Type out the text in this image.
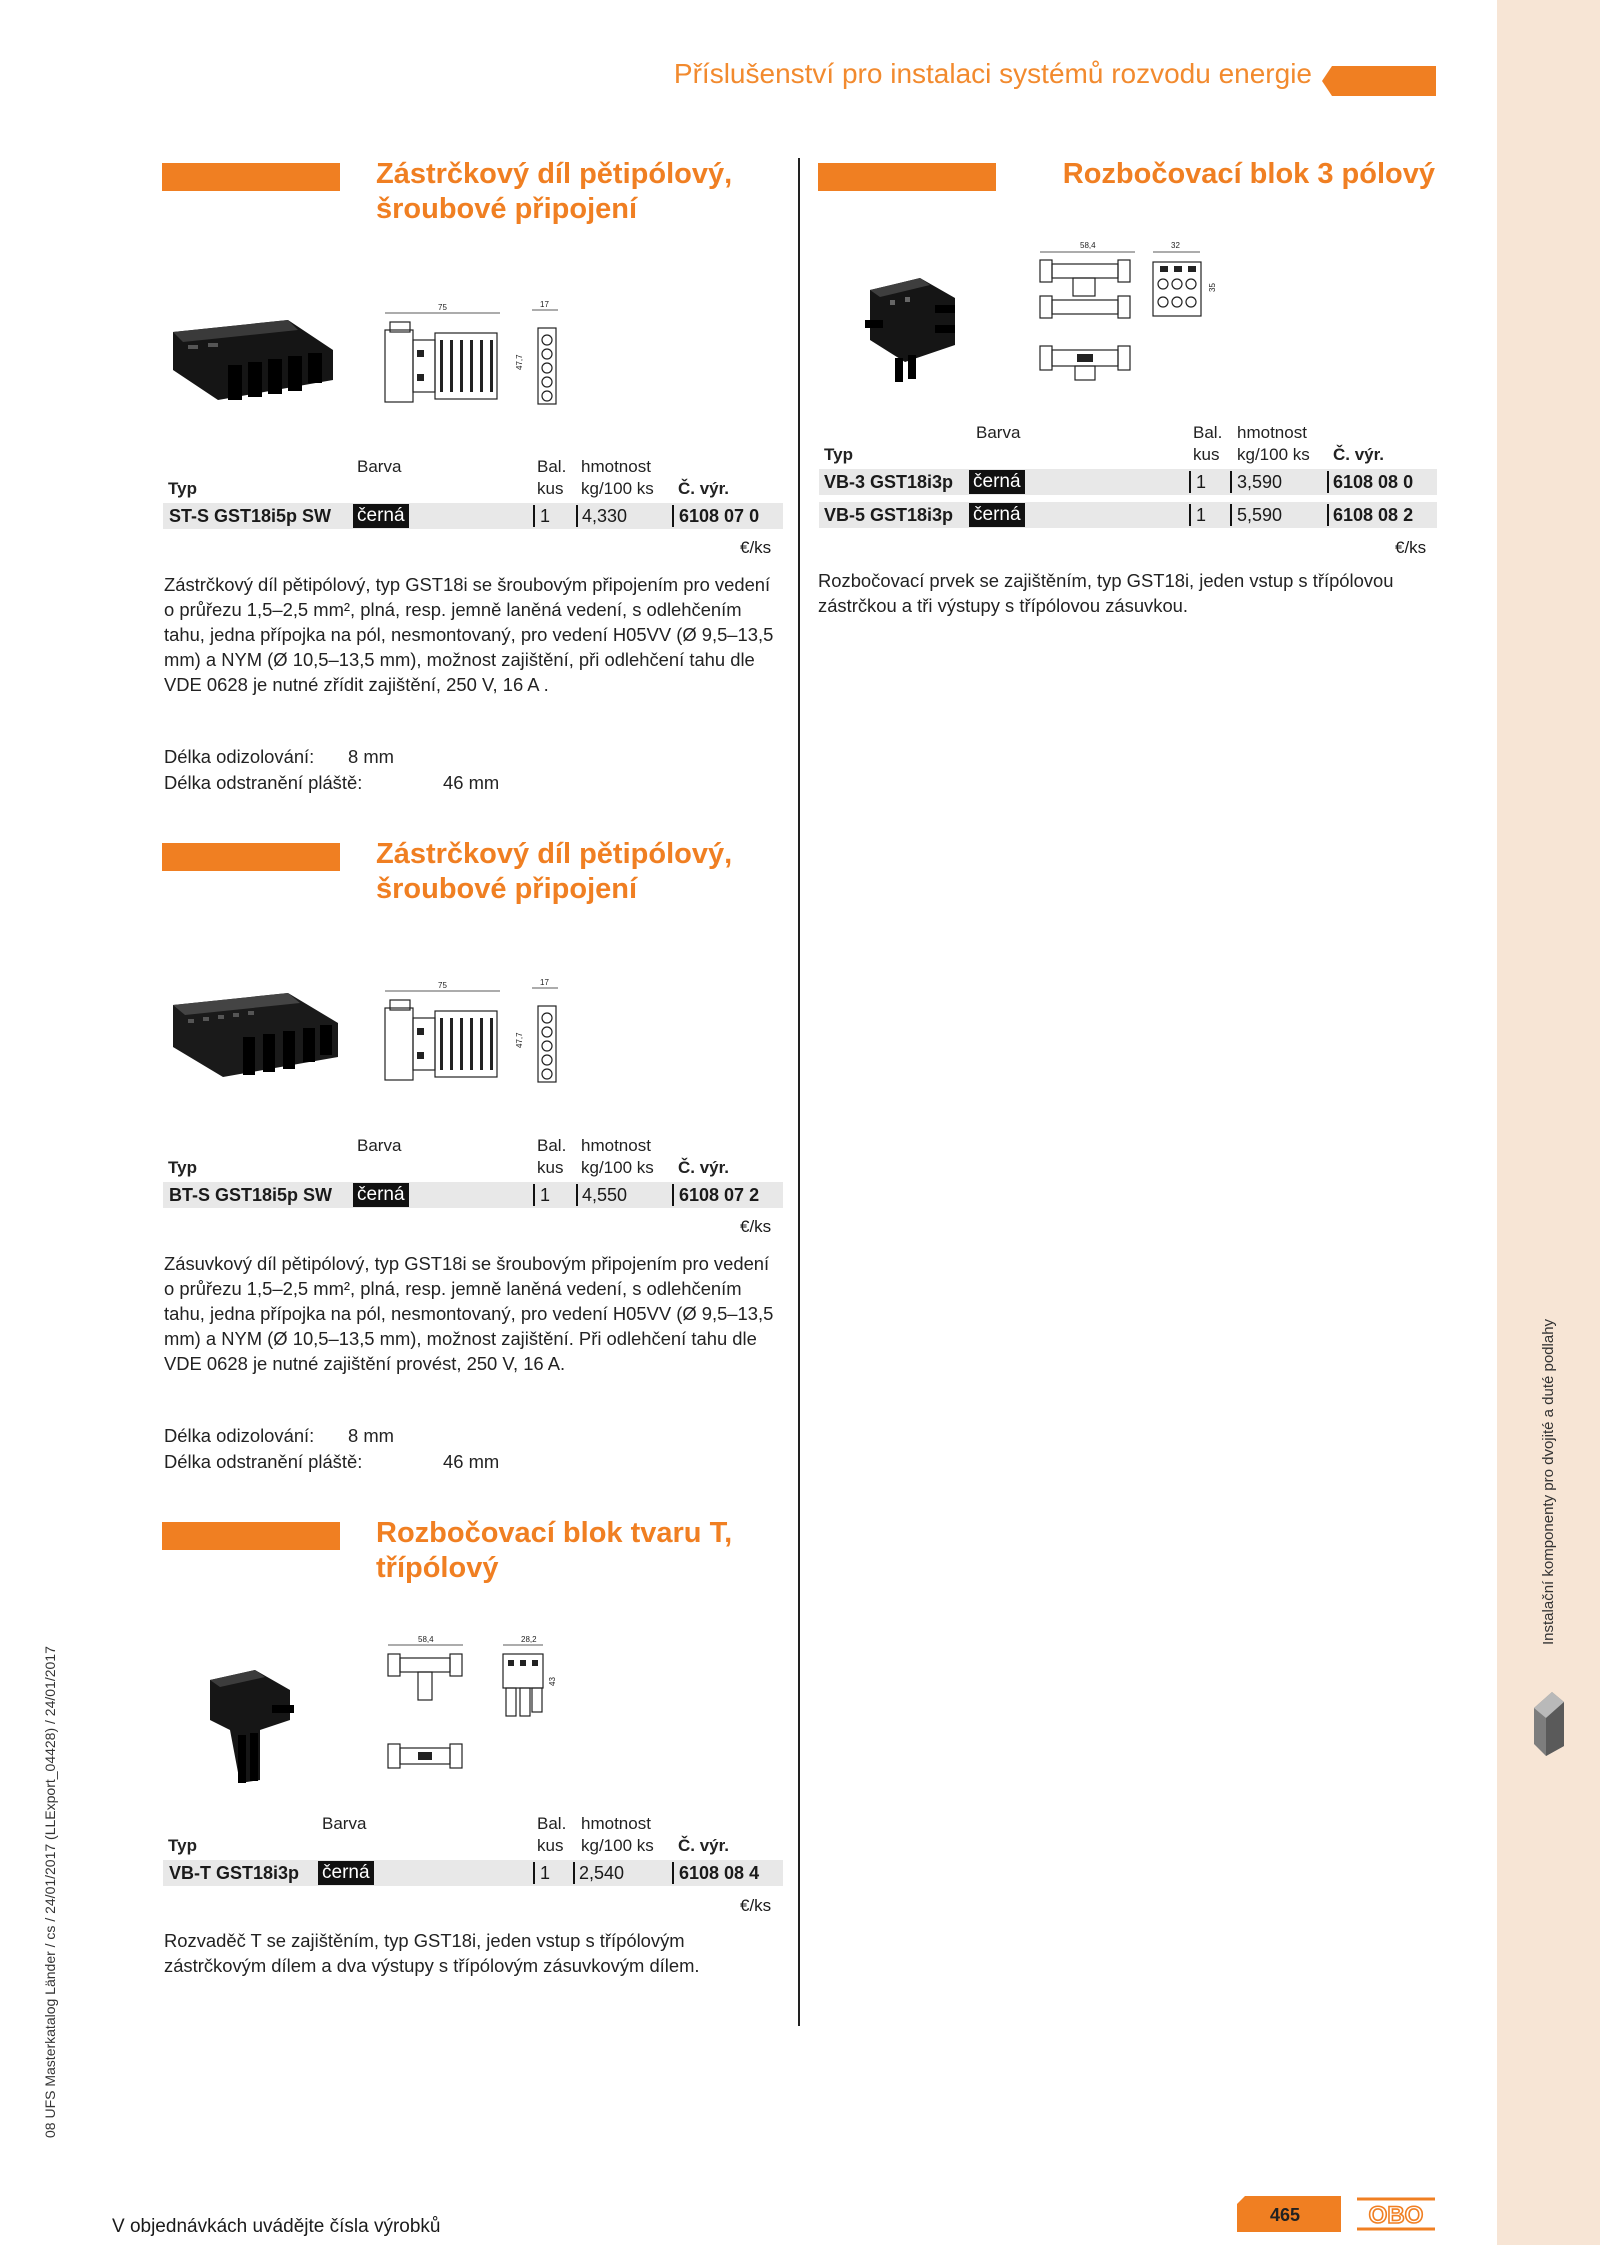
Příslušenství pro instalaci systémů rozvodu energie
Zástrčkový díl pětipólový,
šroubové připojení
75	17
47,7
Barva	Bal. hmotnost
Typ	kus kg/100 ks Č. výr.
ST-S GST18i5p SW černá	1 4,330	6108 07 0
€/ks
Zástrčkový díl pětipólový, typ GST18i se šroubovým připojením pro vedení o průřezu 1,5–2,5 mm², plná, resp. jemně laněná vedení, s odlehčením tahu, jedna přípojka na pól, nesmontovaný, pro vedení H05VV (Ø 9,5–13,5 mm) a NYM (Ø 10,5–13,5 mm), možnost zajištění, při odlehčení tahu dle VDE 0628 je nutné zřídit zajištění, 250 V, 16 A .
Délka odizolování: 8 mm
Délka odstranění pláště:	46 mm
Zástrčkový díl pětipólový,
šroubové připojení
75	17
47,7
Barva	Bal. hmotnost
Typ	kus kg/100 ks Č. výr.
BT-S GST18i5p SW černá	1 4,550	6108 07 2
€/ks
Zásuvkový díl pětipólový, typ GST18i se šroubovým připojením pro vedení o průřezu 1,5–2,5 mm², plná, resp. jemně laněná vedení, s odlehčením tahu, jedna přípojka na pól, nesmontovaný, pro vedení H05VV (Ø 9,5–13,5 mm) a NYM (Ø 10,5–13,5 mm), možnost zajištění. Při odlehčení tahu dle VDE 0628 je nutné zajištění provést, 250 V, 16 A.
Délka odizolování: 8 mm
Délka odstranění pláště:	46 mm
Rozbočovací blok tvaru T,
třípólový
58,4	28,2
43
Barva	Bal. hmotnost
Typ	kus kg/100 ks Č. výr.
VB-T GST18i3p černá	1 2,540	6108 08 4
€/ks
Rozvaděč T se zajištěním, typ GST18i, jeden vstup s třípólovým zástrčkovým dílem a dva výstupy s třípólovým zásuvkovým dílem.
Rozbočovací blok 3 pólový
58,4	32
35
Barva	Bal. hmotnost
Typ	kus kg/100 ks Č. výr.
VB-3 GST18i3p černá	1 3,590	6108 08 0
VB-5 GST18i3p černá	1 5,590	6108 08 2
€/ks
Rozbočovací prvek se zajištěním, typ GST18i, jeden vstup s třípólovou zástrčkou a tři výstupy s třípólovou zásuvkou.
Instalační komponenty pro dvojité a duté podlahy
08 UFS Masterkatalog Länder / cs / 24/01/2017 (LLExport_04428) / 24/01/2017
V objednávkách uvádějte čísla výrobků
465	OBO
